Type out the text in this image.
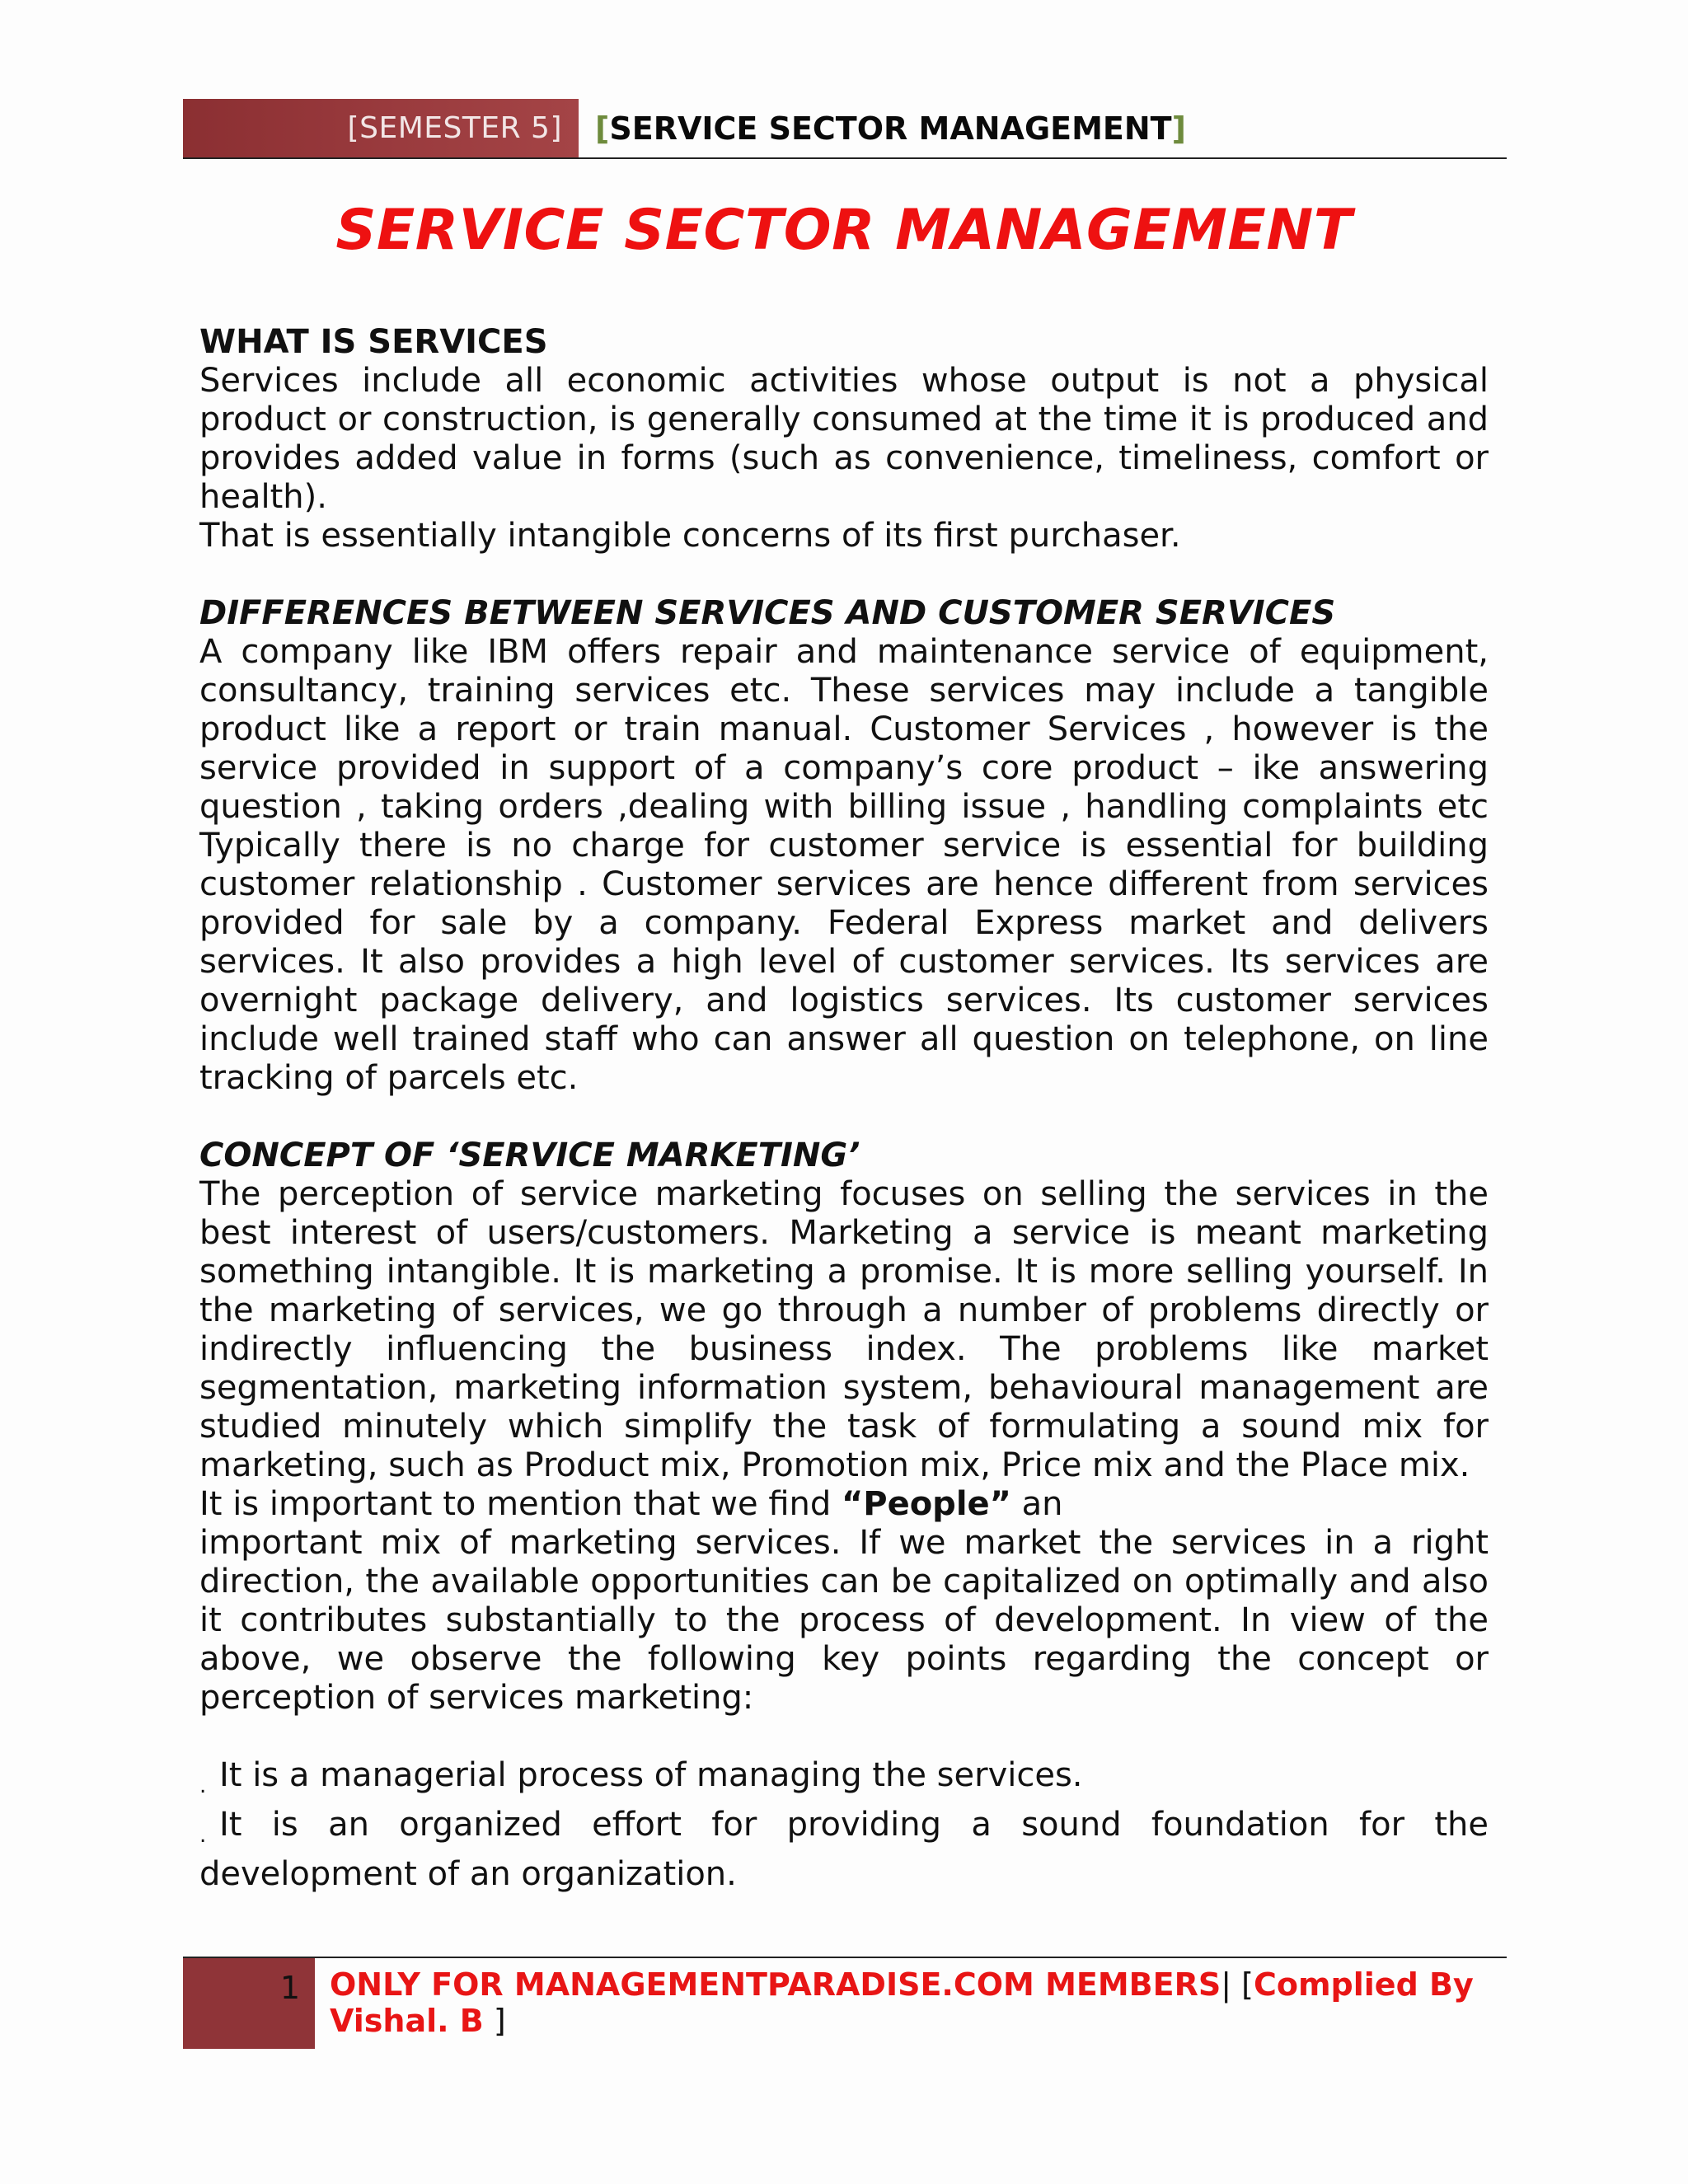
[SEMESTER 5] [SERVICE SECTOR MANAGEMENT]
SERVICE SECTOR MANAGEMENT
WHAT IS SERVICES
Services include all economic activities whose output is not a physical product or construction, is generally consumed at the time it is produced and provides added value in forms (such as convenience, timeliness, comfort or health).
That is essentially intangible concerns of its first purchaser.
DIFFERENCES BETWEEN SERVICES AND CUSTOMER SERVICES
A company like IBM offers repair and maintenance service of equipment, consultancy, training services etc. These services may include a tangible product like a report or train manual. Customer Services , however is the service provided in support of a company’s core product – ike answering question , taking orders ,dealing with billing issue , handling complaints etc Typically there is no charge for customer service is essential for building customer relationship . Customer services are hence different from services provided for sale by a company. Federal Express market and delivers services. It also provides a high level of customer services. Its services are overnight package delivery, and logistics services. Its customer services include well trained staff who can answer all question on telephone, on line tracking of parcels etc.
CONCEPT OF ‘SERVICE MARKETING’
The perception of service marketing focuses on selling the services in the best interest of users/customers. Marketing a service is meant marketing something intangible. It is marketing a promise. It is more selling yourself. In the marketing of services, we go through a number of problems directly or indirectly influencing the business index. The problems like market segmentation, marketing information system, behavioural management are studied minutely which simplify the task of formulating a sound mix for marketing, such as Product mix, Promotion mix, Price mix and the Place mix.
It is important to mention that we find “People” an
important mix of marketing services. If we market the services in a right direction, the available opportunities can be capitalized on optimally and also it contributes substantially to the process of development. In view of the above, we observe the following key points regarding the concept or perception of services marketing:
. It is a managerial process of managing the services.
. It is an organized effort for providing a sound foundation for the development of an organization.
1 ONLY FOR MANAGEMENTPARADISE.COM MEMBERS| [Complied By Vishal. B ]
